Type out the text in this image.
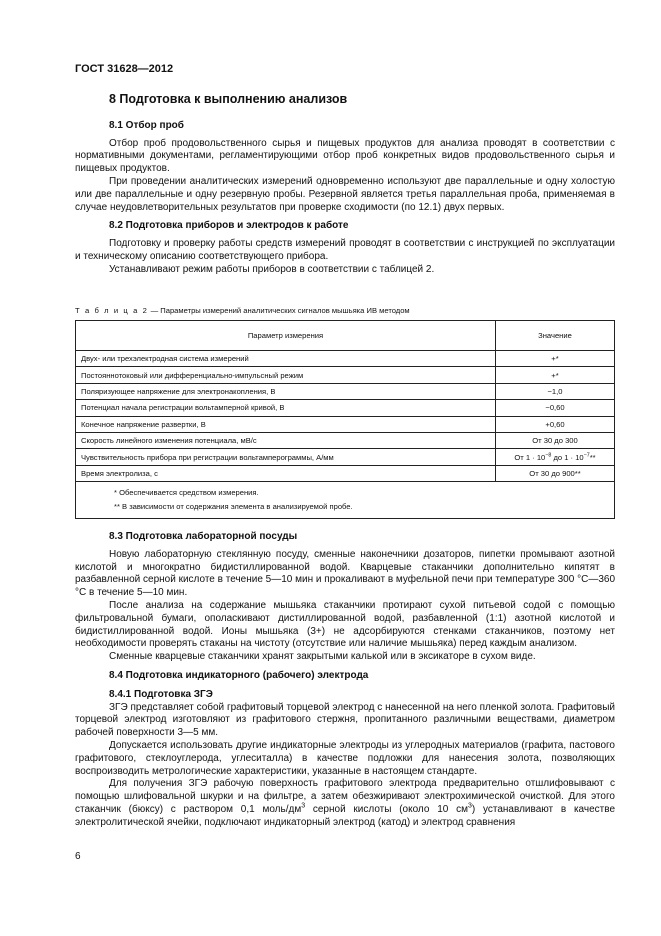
ГОСТ 31628—2012
8 Подготовка к выполнению анализов
8.1 Отбор проб

Отбор проб продовольственного сырья и пищевых продуктов для анализа проводят в соответствии с нормативными документами, регламентирующими отбор проб конкретных видов продовольственного сырья и пищевых продуктов.

При проведении аналитических измерений одновременно используют две параллельные и одну холостую или две параллельные и одну резервную пробы. Резервной является третья параллельная проба, применяемая в случае неудовлетворительных результатов при проверке сходимости (по 12.1) двух первых.

8.2 Подготовка приборов и электродов к работе

Подготовку и проверку работы средств измерений проводят в соответствии с инструкцией по эксплуатации и техническому описанию соответствующего прибора.

Устанавливают режим работы приборов в соответствии с таблицей 2.

Т а б л и ц а 2 — Параметры измерений аналитических сигналов мышьяка ИВ методом
Параметр измерения	Значение
Двух- или трехэлектродная система измерений	+*
Постояннотоковый или дифференциально-импульсный режим	+*
Поляризующее напряжение для электронакопления, В	−1,0
Потенциал начала регистрации вольтамперной кривой, В	−0,60
Конечное напряжение развертки, В	+0,60
Скорость линейного изменения потенциала, мВ/с	От 30 до 300
Чувствительность прибора при регистрации вольтамперограммы, А/мм	От $1 \cdot 10^{-8}$ до $1 \cdot 10^{-7}**$
Время электролиза, с	От 30 до 900**

* Обеспечивается средством измерения.
** В зависимости от содержания элемента в анализируемой пробе.	
8.3 Подготовка лабораторной посуды

Новую лабораторную стеклянную посуду, сменные наконечники дозаторов, пипетки промывают азотной кислотой и многократно бидистиллированной водой. Кварцевые стаканчики дополнительно кипятят в разбавленной серной кислоте в течение 5—10 мин и прокаливают в муфельной печи при температуре 300 °С—360 °С в течение 5—10 мин.

После анализа на содержание мышьяка стаканчики протирают сухой питьевой содой с помощью фильтровальной бумаги, ополаскивают дистиллированной водой, разбавленной (1:1) азотной кислотой и бидистиллированной водой. Ионы мышьяка (3+) не адсорбируются стенками стаканчиков, поэтому нет необходимости проверять стаканы на чистоту (отсутствие или наличие мышьяка) перед каждым анализом.

Сменные кварцевые стаканчики хранят закрытыми калькой или в эксикаторе в сухом виде.

8.4 Подготовка индикаторного (рабочего) электрода
8.4.1 Подготовка ЗГЭ

ЗГЭ представляет собой графитовый торцевой электрод с нанесенной на него пленкой золота. Графитовый торцевой электрод изготовляют из графитового стержня, пропитанного различными веществами, диаметром рабочей поверхности 3—5 мм.

Допускается использовать другие индикаторные электроды из углеродных материалов (графита, пастового графитового, стеклоуглерода, углеситалла) в качестве подложки для нанесения золота, позволяющих воспроизводить метрологические характеристики, указанные в настоящем стандарте.

Для получения ЗГЭ рабочую поверхность графитового электрода предварительно отшлифовывают с помощью шлифовальной шкурки и на фильтре, а затем обезжиривают электрохимической очисткой. Для этого стаканчик (бюксу) с раствором 0,1 моль/$дм^3$ серной кислоты (около 10 $см^3$) устанавливают в качестве электролитической ячейки, подключают индикаторный электрод (катод) и электрод сравнения

6
